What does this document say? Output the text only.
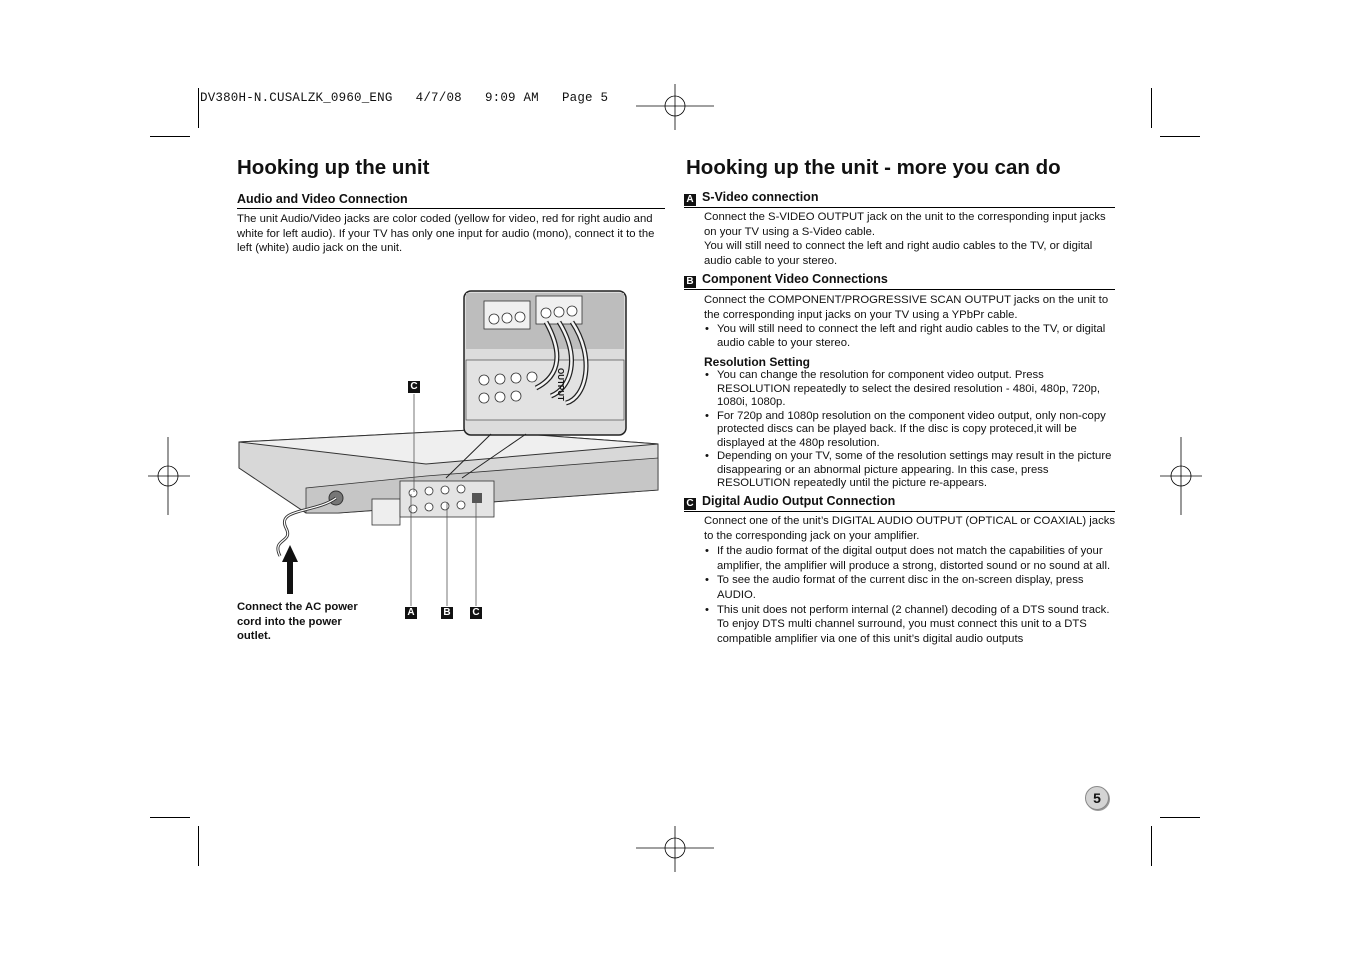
DV380H-N.CUSALZK_0960_ENG   4/7/08   9:09 AM   Page 5
Hooking up the unit
Audio and Video Connection

The unit Audio/Video jacks are color coded (yellow for video, red for right audio and white for left audio). If your TV has only one input for audio (mono), connect it to the left (white) audio jack on the unit.

OUTPUT
C
A	B C
Connect the AC power cord into the power outlet.
Hooking up the unit - more you can do
A S-Video connection

Connect the S-VIDEO OUTPUT jack on the unit to the corresponding input jacks on your TV using a S-Video cable.

You will still need to connect the left and right audio cables to the TV, or digital audio cable to your stereo.

B Component Video Connections

Connect the COMPONENT/PROGRESSIVE SCAN OUTPUT jacks on the unit to the corresponding input jacks on your TV using a YPbPr cable.

• You will still need to connect the left and right audio cables to the TV, or digital audio cable to your stereo.
Resolution Setting
• You can change the resolution for component video output. Press RESOLUTION repeatedly to select the desired resolution - 480i, 480p, 720p, 1080i, 1080p.
• For 720p and 1080p resolution on the component video output, only non-copy protected discs can be played back. If the disc is copy proteced,it will be displayed at the 480p resolution.
• Depending on your TV, some of the resolution settings may result in the picture disappearing or an abnormal picture appearing. In this case, press RESOLUTION repeatedly until the picture re-appears.
C Digital Audio Output Connection

Connect one of the unit’s DIGITAL AUDIO OUTPUT (OPTICAL or COAXIAL) jacks to the corresponding jack on your amplifier.

• If the audio format of the digital output does not match the capabilities of your amplifier, the amplifier will produce a strong, distorted sound or no sound at all.
• To see the audio format of the current disc in the on-screen display, press AUDIO.
• This unit does not perform internal (2 channel) decoding of a DTS sound track. To enjoy DTS multi channel surround, you must connect this unit to a DTS compatible amplifier via one of this unit’s digital audio outputs
5
